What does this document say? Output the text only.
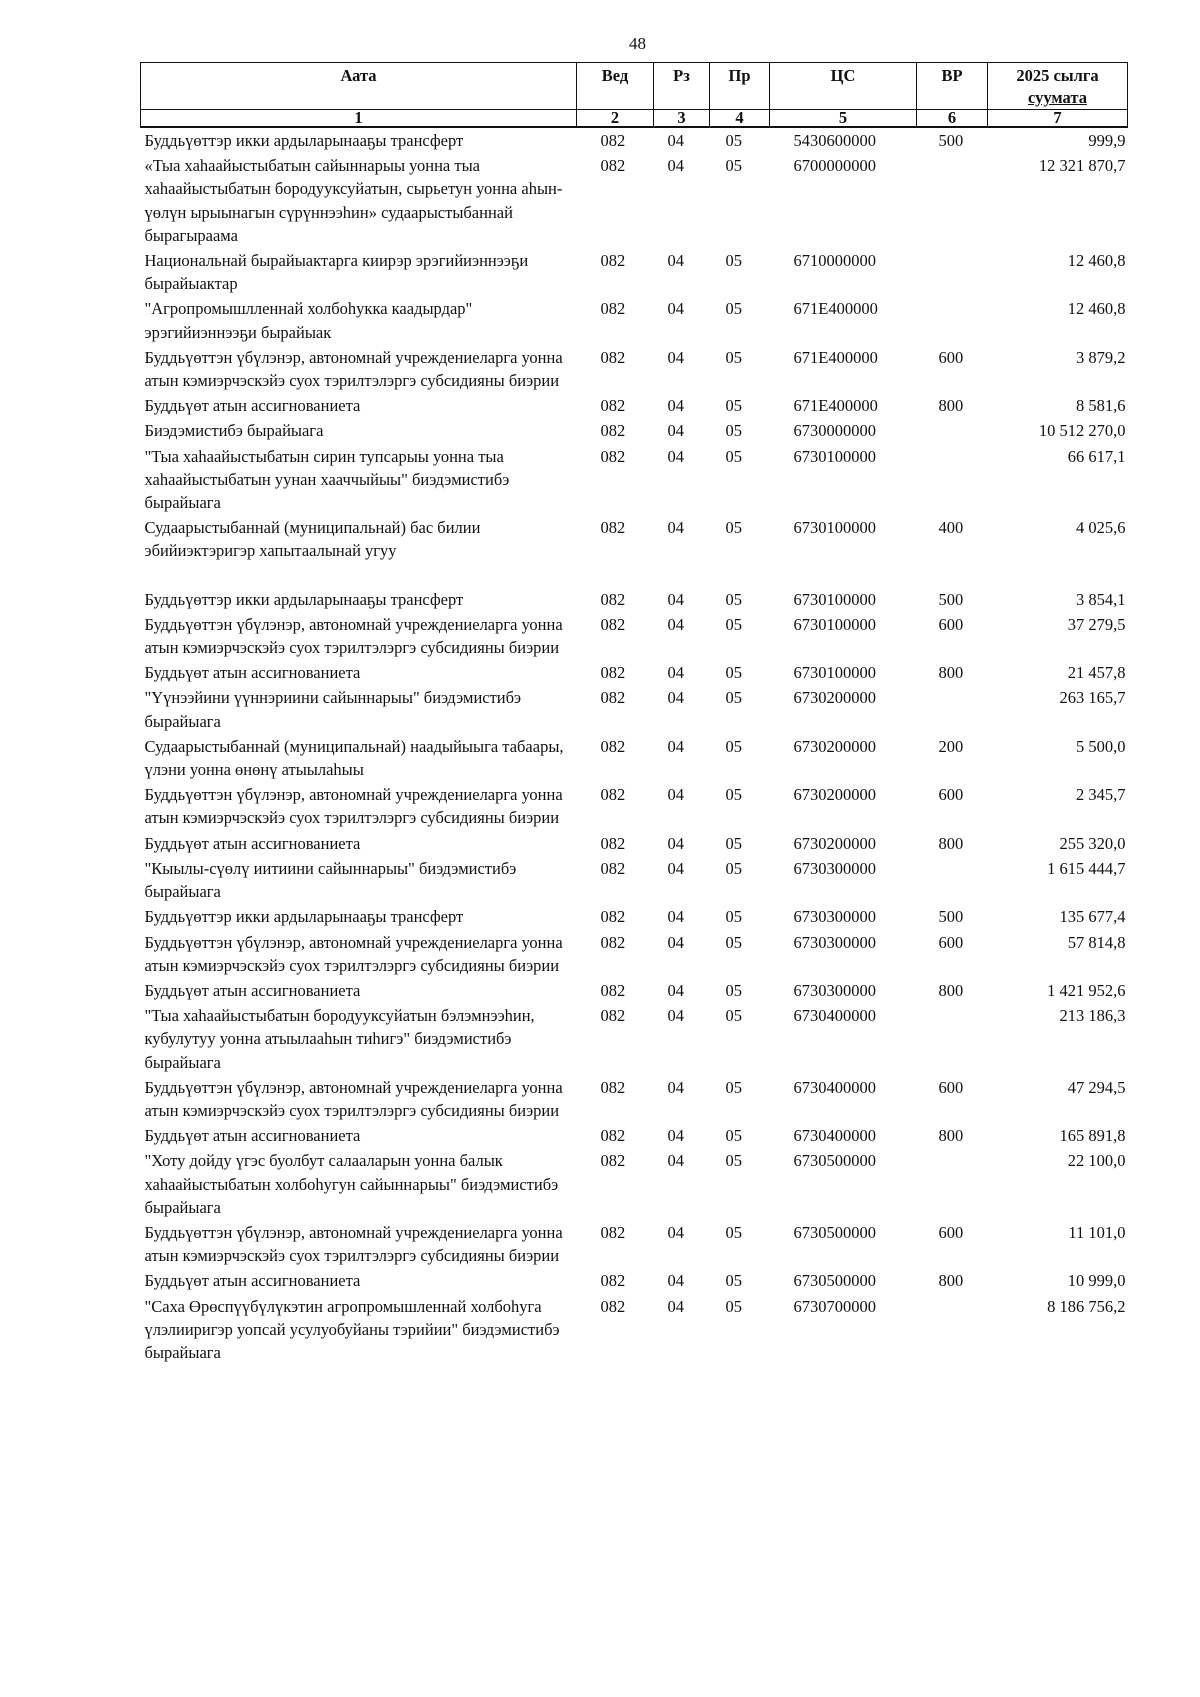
48
Аата	Вед	Рз	Пр	ЦС	ВР	2025 сылга
суумата

1	2	3	4	5	6	7
Буддьүөттэр икки ардыларынааҕы трансферт	082	04	05	5430600000	500	999,9
«Тыа хаһаайыстыбатын сайыннарыы уонна тыа хаһаайыстыбатын бородууксуйатын, сырьетун уонна аһын-үөлүн ырыынагын сүрүннээһин» судаарыстыбаннай бырагыраама	082	04	05	6700000000		12 321 870,7
Национальнай бырайыактарга киирэр эрэгийиэннээҕи бырайыактар	082	04	05	6710000000		12 460,8
"Агропромышлленнай холбоһукка каадырдар" эрэгийиэннээҕи бырайыак	082	04	05	671Е400000		12 460,8
Буддьүөттэн үбүлэнэр, автономнай учреждениеларга уонна атын кэмиэрчэскэйэ суох тэрилтэлэргэ субсидияны биэрии	082	04	05	671Е400000	600	3 879,2
Буддьүөт атын ассигнованиета	082	04	05	671Е400000	800	8 581,6
Биэдэмистибэ бырайыага	082	04	05	6730000000		10 512 270,0
"Тыа хаһаайыстыбатын сирин тупсарыы уонна тыа хаһаайыстыбатын уунан хааччыйыы" биэдэмистибэ бырайыага	082	04	05	6730100000		66 617,1
Судаарыстыбаннай (муниципальнай) бас билии эбийиэктэригэр хапытаалынай угуу	082	04	05	6730100000	400	4 025,6
Буддьүөттэр икки ардыларынааҕы трансферт	082	04	05	6730100000	500	3 854,1
Буддьүөттэн үбүлэнэр, автономнай учреждениеларга уонна атын кэмиэрчэскэйэ суох тэрилтэлэргэ субсидияны биэрии	082	04	05	6730100000	600	37 279,5
Буддьүөт атын ассигнованиета	082	04	05	6730100000	800	21 457,8
"Үүнээйини үүннэриини сайыннарыы" биэдэмистибэ бырайыага	082	04	05	6730200000		263 165,7
Судаарыстыбаннай (муниципальнай) наадыйыыга табаары, үлэни уонна өнөнү атыылаһыы	082	04	05	6730200000	200	5 500,0
Буддьүөттэн үбүлэнэр, автономнай учреждениеларга уонна атын кэмиэрчэскэйэ суох тэрилтэлэргэ субсидияны биэрии	082	04	05	6730200000	600	2 345,7
Буддьүөт атын ассигнованиета	082	04	05	6730200000	800	255 320,0
"Кыылы-сүөлү иитиини сайыннарыы" биэдэмистибэ бырайыага	082	04	05	6730300000		1 615 444,7
Буддьүөттэр икки ардыларынааҕы трансферт	082	04	05	6730300000	500	135 677,4
Буддьүөттэн үбүлэнэр, автономнай учреждениеларга уонна атын кэмиэрчэскэйэ суох тэрилтэлэргэ субсидияны биэрии	082	04	05	6730300000	600	57 814,8
Буддьүөт атын ассигнованиета	082	04	05	6730300000	800	1 421 952,6
"Тыа хаһаайыстыбатын бородууксуйатын бэлэмнээһин, кубулутуу уонна атыылааһын тиһигэ" биэдэмистибэ бырайыага	082	04	05	6730400000		213 186,3
Буддьүөттэн үбүлэнэр, автономнай учреждениеларга уонна атын кэмиэрчэскэйэ суох тэрилтэлэргэ субсидияны биэрии	082	04	05	6730400000	600	47 294,5
Буддьүөт атын ассигнованиета	082	04	05	6730400000	800	165 891,8
"Хоту дойду үгэс буолбут салааларын уонна балык хаһаайыстыбатын холбоһугун сайыннарыы" биэдэмистибэ бырайыага	082	04	05	6730500000		22 100,0
Буддьүөттэн үбүлэнэр, автономнай учреждениеларга уонна атын кэмиэрчэскэйэ суох тэрилтэлэргэ субсидияны биэрии	082	04	05	6730500000	600	11 101,0
Буддьүөт атын ассигнованиета	082	04	05	6730500000	800	10 999,0
"Саха Өрөспүүбүлүкэтин агропромышленнай холбоһуга үлэлииригэр уопсай усулуобуйаны тэрийии" биэдэмистибэ бырайыага	082	04	05	6730700000		8 186 756,2
